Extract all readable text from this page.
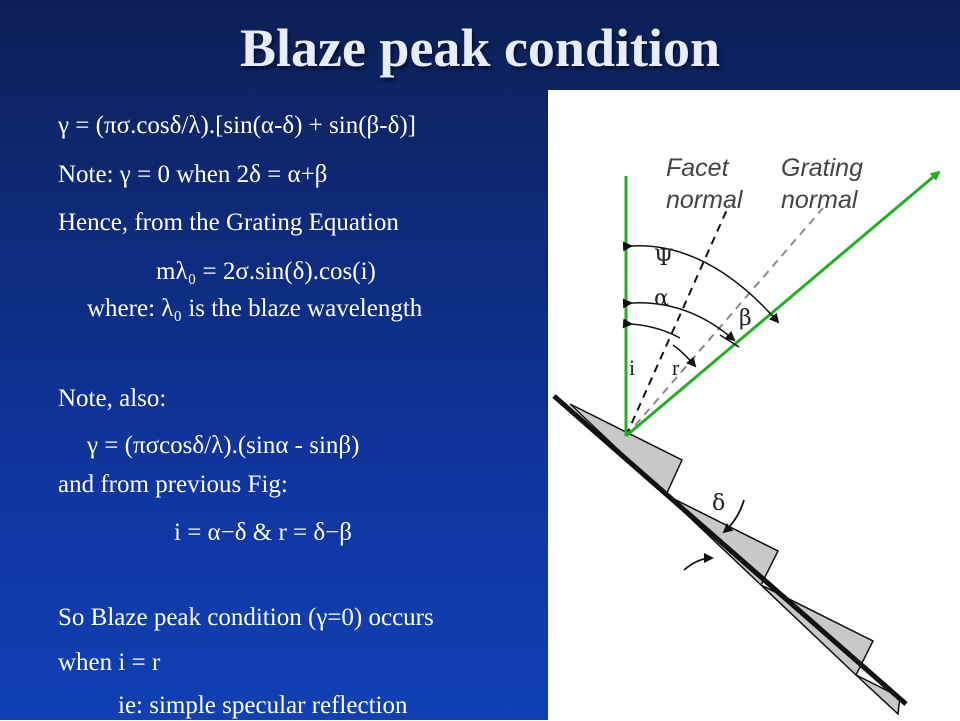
Blaze peak condition
γ = (πσ.cosδ/λ).[sin(α-δ) + sin(β-δ)]
Note: γ = 0 when 2δ = α+β
Hence, from the Grating Equation
mλ₀ = 2σ.sin(δ).cos(i)
where: λ₀ is the blaze wavelength
Note, also:
γ = (πσcosδ/λ).(sinα - sinβ)
and from previous Fig:
i = α−δ & r = δ−β
So Blaze peak condition (γ=0) occurs
when i = r
ie: simple specular reflection
Facet
normal
Grating
normal
Ψ
α
β
i r
δ
